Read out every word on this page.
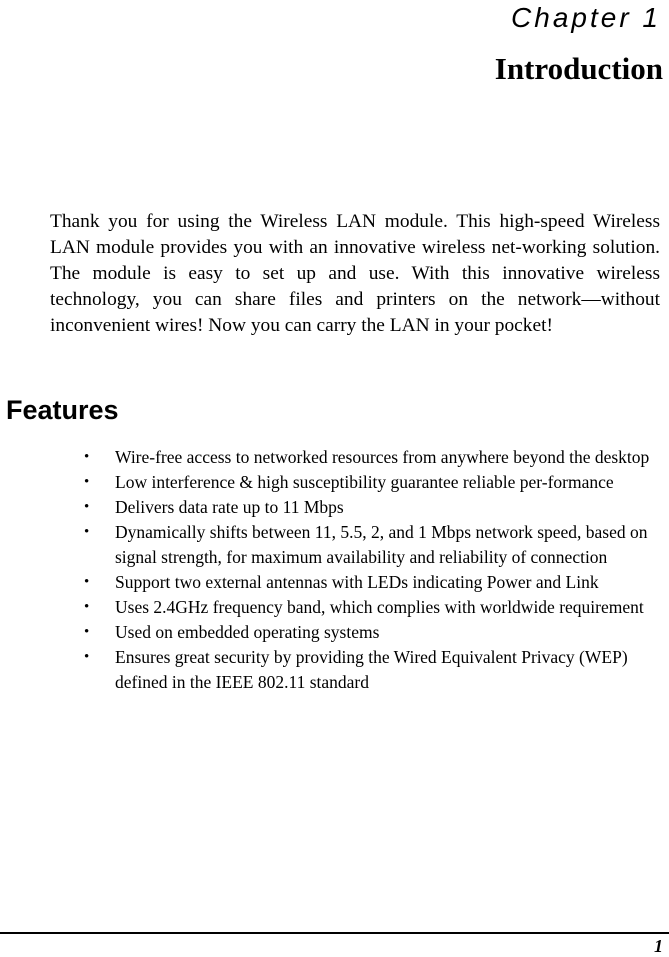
Chapter 1
Introduction

Thank you for using the Wireless LAN module. This high-speed Wireless LAN module provides you with an innovative wireless net-working solution. The module is easy to set up and use. With this innovative wireless technology, you can share files and printers on the network—without inconvenient wires! Now you can carry the LAN in your pocket!

Features
• Wire-free access to networked resources from anywhere beyond the desktop
• Low interference & high susceptibility guarantee reliable per-formance
• Delivers data rate up to 11 Mbps
• Dynamically shifts between 11, 5.5, 2, and 1 Mbps network speed, based on signal strength, for maximum availability and reliability of connection
• Support two external antennas with LEDs indicating Power and Link
• Uses 2.4GHz frequency band, which complies with worldwide requirement
• Used on embedded operating systems
• Ensures great security by providing the Wired Equivalent Privacy (WEP) defined in the IEEE 802.11 standard
1
